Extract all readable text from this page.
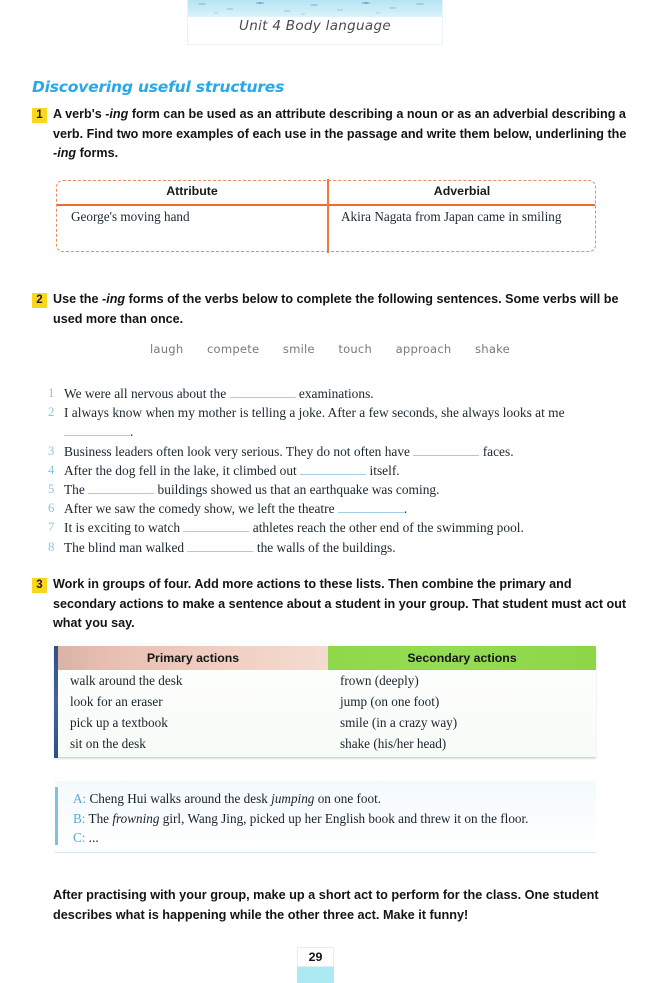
Unit 4 Body language
Discovering useful structures
1 A verb's -ing form can be used as an attribute describing a noun or as an adverbial describing a verb. Find two more examples of each use in the passage and write them below, underlining the -ing forms.
Attribute	Adverbial
George's moving hand	Akira Nagata from Japan came in smiling
2 Use the -ing forms of the verbs below to complete the following sentences. Some verbs will be used more than once.
laugh compete smile touch approach shake
1 We were all nervous about the	examinations.
2 I always know when my mother is telling a joke. After a few seconds, she always looks at me
.
3 Business leaders often look very serious. They do not often have	faces.
4 After the dog fell in the lake, it climbed out	itself.
5 The	buildings showed us that an earthquake was coming.
6 After we saw the comedy show, we left the theatre	.
7 It is exciting to watch	athletes reach the other end of the swimming pool.
8 The blind man walked	the walls of the buildings.
3 Work in groups of four. Add more actions to these lists. Then combine the primary and secondary actions to make a sentence about a student in your group. That student must act out what you say.
Primary actions	Secondary actions
walk around the desk	frown (deeply)
look for an eraser	jump (on one foot)
pick up a textbook	smile (in a crazy way)
sit on the desk	shake (his/her head)
A: Cheng Hui walks around the desk jumping on one foot.
B: The frowning girl, Wang Jing, picked up her English book and threw it on the floor.
C: ...
After practising with your group, make up a short act to perform for the class. One student describes what is happening while the other three act. Make it funny!
29
